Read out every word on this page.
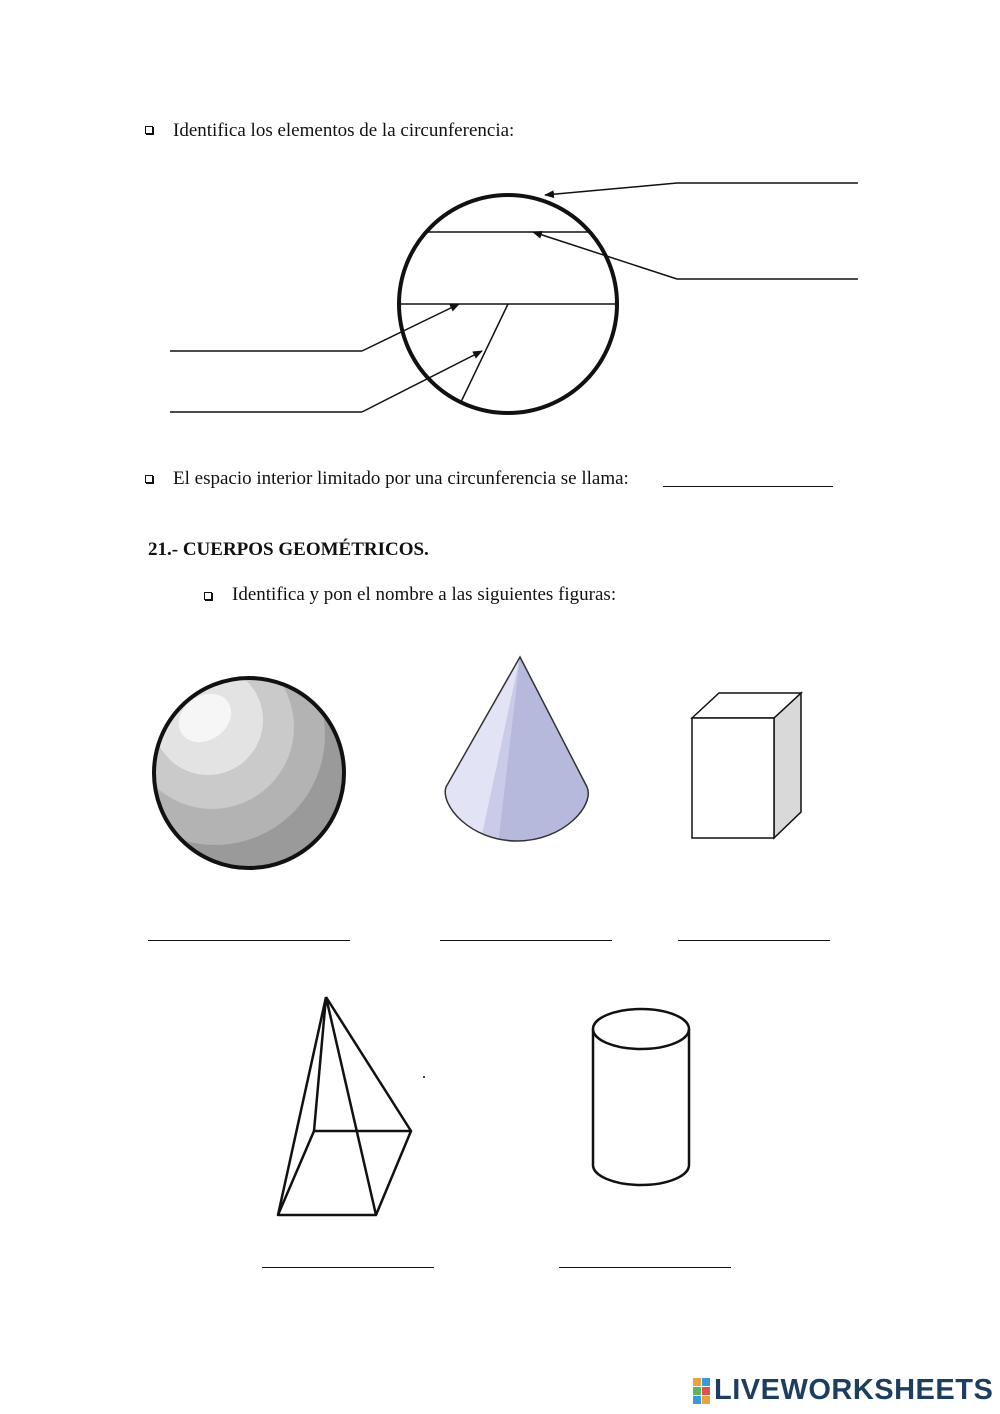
Identifica los elementos de la circunferencia:
El espacio interior limitado por una circunferencia se llama:
21.- CUERPOS GEOMÉTRICOS.
Identifica y pon el nombre a las siguientes figuras:
LIVEWORKSHEETS
